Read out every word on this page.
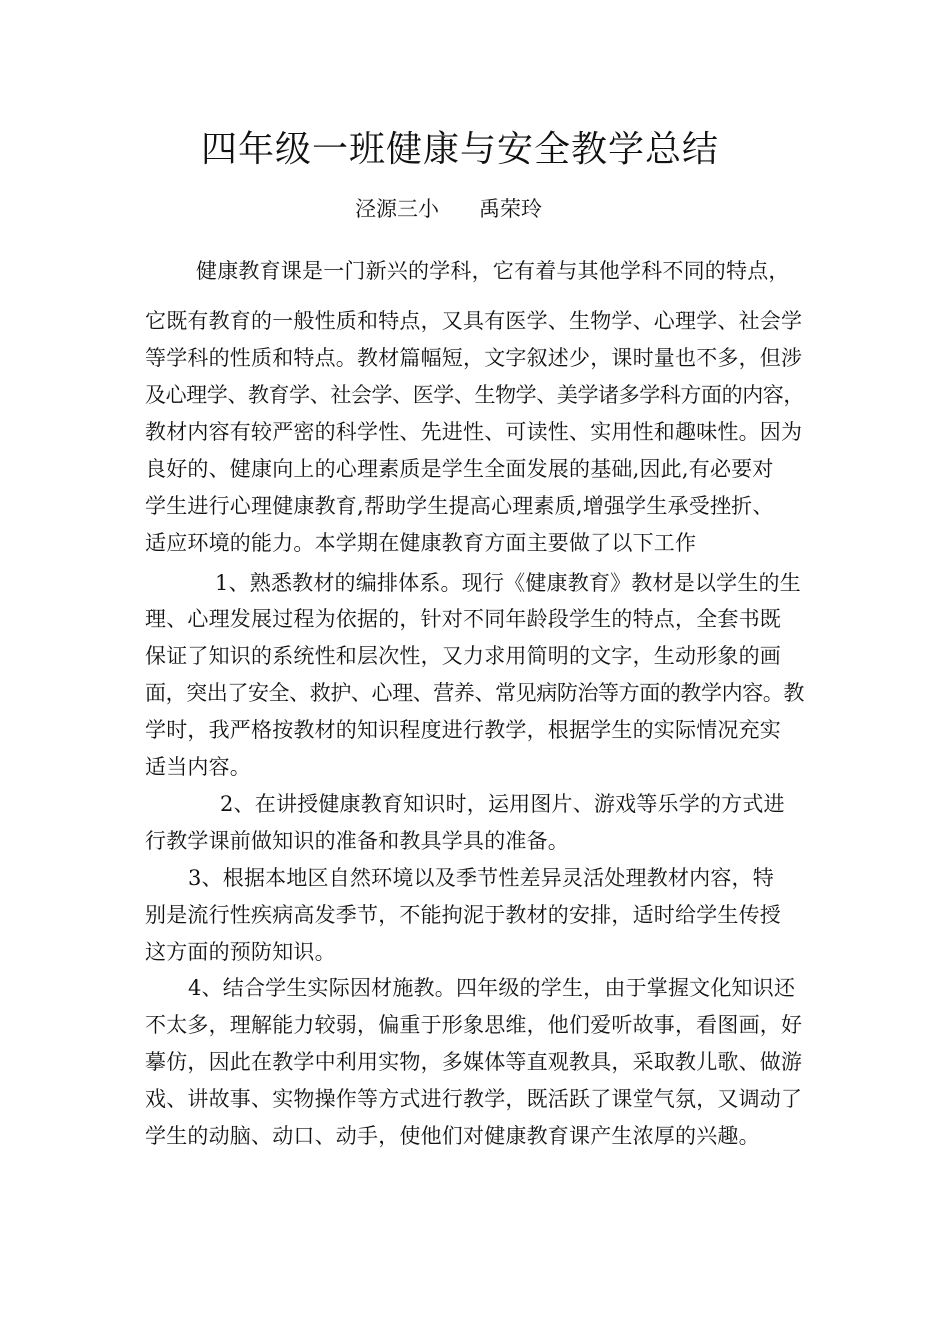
四年级一班健康与安全教学总结
泾源三小      禹荣玲
健康教育课是一门新兴的学科，它有着与其他学科不同的特点，
它既有教育的一般性质和特点，又具有医学、生物学、心理学、社会学
等学科的性质和特点。教材篇幅短，文字叙述少，课时量也不多，但涉
及心理学、教育学、社会学、医学、生物学、美学诸多学科方面的内容，
教材内容有较严密的科学性、先进性、可读性、实用性和趣味性。因为
良好的、健康向上的心理素质是学生全面发展的基础,因此,有必要对
学生进行心理健康教育,帮助学生提高心理素质,增强学生承受挫折、
适应环境的能力。本学期在健康教育方面主要做了以下工作
1、熟悉教材的编排体系。现行《健康教育》教材是以学生的生
理、心理发展过程为依据的，针对不同年龄段学生的特点，全套书既
保证了知识的系统性和层次性，又力求用简明的文字，生动形象的画
面，突出了安全、救护、心理、营养、常见病防治等方面的教学内容。教
学时，我严格按教材的知识程度进行教学，根据学生的实际情况充实
适当内容。
2、在讲授健康教育知识时，运用图片、游戏等乐学的方式进
行教学课前做知识的准备和教具学具的准备。
3、根据本地区自然环境以及季节性差异灵活处理教材内容，特
别是流行性疾病高发季节，不能拘泥于教材的安排，适时给学生传授
这方面的预防知识。
4、结合学生实际因材施教。四年级的学生，由于掌握文化知识还
不太多，理解能力较弱，偏重于形象思维，他们爱听故事，看图画，好
摹仿，因此在教学中利用实物，多媒体等直观教具，采取教儿歌、做游
戏、讲故事、实物操作等方式进行教学，既活跃了课堂气氛，又调动了
学生的动脑、动口、动手，使他们对健康教育课产生浓厚的兴趣。
